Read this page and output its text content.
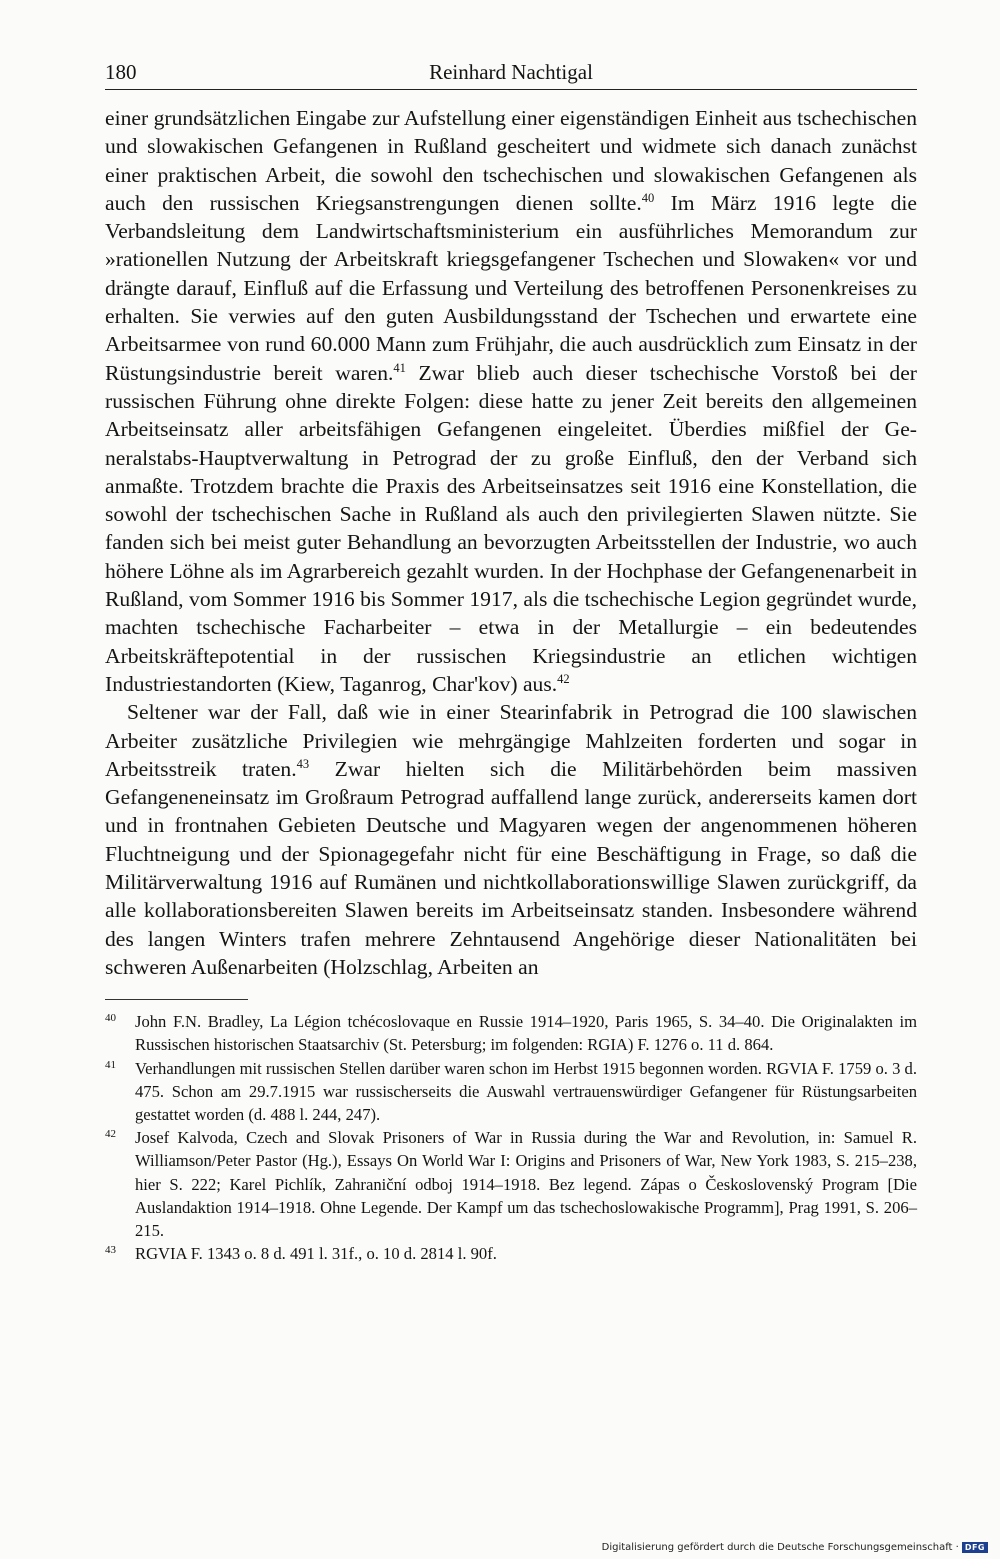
180	Reinhard Nachtigal

einer grundsätzlichen Eingabe zur Aufstellung einer eigenständigen Einheit aus tschechischen und slowakischen Gefangenen in Rußland gescheitert und widmete sich danach zunächst einer praktischen Arbeit, die sowohl den tschechischen und slowakischen Gefangenen als auch den russischen Kriegsanstrengungen dienen sollte.$^{40}$ Im März 1916 legte die Verbandsleitung dem Landwirtschaftsministerium ein ausführliches Memorandum zur »rationellen Nutzung der Arbeitskraft kriegsgefangener Tschechen und Slowaken« vor und drängte darauf, Einfluß auf die Erfassung und Verteilung des betroffenen Personenkreises zu erhalten. Sie verwies auf den guten Ausbildungsstand der Tschechen und erwartete eine Arbeitsarmee von rund 60.000 Mann zum Frühjahr, die auch ausdrücklich zum Einsatz in der Rüstungsindustrie bereit waren.$^{41}$ Zwar blieb auch dieser tschechische Vorstoß bei der russischen Führung ohne direkte Folgen: diese hatte zu jener Zeit bereits den allgemeinen Arbeitseinsatz aller arbeitsfähigen Gefangenen eingeleitet. Überdies mißfiel der Generalstabs-Hauptverwaltung in Petrograd der zu große Einfluß, den der Verband sich anmaßte. Trotzdem brachte die Praxis des Arbeitseinsatzes seit 1916 eine Konstellation, die sowohl der tschechischen Sache in Rußland als auch den privilegierten Slawen nützte. Sie fanden sich bei meist guter Behandlung an bevorzugten Arbeitsstellen der Industrie, wo auch höhere Löhne als im Agrarbereich gezahlt wurden. In der Hochphase der Gefangenenarbeit in Rußland, vom Sommer 1916 bis Sommer 1917, als die tschechische Legion gegründet wurde, machten tschechische Facharbeiter – etwa in der Metallurgie – ein bedeutendes Arbeitskräftepotential in der russischen Kriegsindustrie an etlichen wichtigen Industriestandorten (Kiew, Taganrog, Char'kov) aus.$^{42}$

Seltener war der Fall, daß wie in einer Stearinfabrik in Petrograd die 100 slawischen Arbeiter zusätzliche Privilegien wie mehrgängige Mahlzeiten forderten und sogar in Arbeitsstreik traten.$^{43}$ Zwar hielten sich die Militärbehörden beim massiven Gefangeneneinsatz im Großraum Petrograd auffallend lange zurück, andererseits kamen dort und in frontnahen Gebieten Deutsche und Magyaren wegen der angenommenen höheren Fluchtneigung und der Spionagegefahr nicht für eine Beschäftigung in Frage, so daß die Militärverwaltung 1916 auf Rumänen und nichtkollaborationswillige Slawen zurückgriff, da alle kollaborationsbereiten Slawen bereits im Arbeitseinsatz standen. Insbesondere während des langen Winters trafen mehrere Zehntausend Angehörige dieser Nationalitäten bei schweren Außenarbeiten (Holzschlag, Arbeiten an

40 John F.N. Bradley, La Légion tchécoslovaque en Russie 1914–1920, Paris 1965, S. 34–40. Die Originalakten im Russischen historischen Staatsarchiv (St. Petersburg; im folgenden: RGIA) F. 1276 o. 11 d. 864.

41 Verhandlungen mit russischen Stellen darüber waren schon im Herbst 1915 begonnen worden. RGVIA F. 1759 o. 3 d. 475. Schon am 29.7.1915 war russischerseits die Auswahl vertrauenswürdiger Gefangener für Rüstungsarbeiten gestattet worden (d. 488 l. 244, 247).

42 Josef Kalvoda, Czech and Slovak Prisoners of War in Russia during the War and Revolution, in: Samuel R. Williamson/Peter Pastor (Hg.), Essays On World War I: Origins and Prisoners of War, New York 1983, S. 215–238, hier S. 222; Karel Pichlík, Zahraniční odboj 1914–1918. Bez legend. Zápas o Československý Program [Die Auslandaktion 1914–1918. Ohne Legende. Der Kampf um das tschechoslowakische Programm], Prag 1991, S. 206–215.

43 RGVIA F. 1343 o. 8 d. 491 l. 31f., o. 10 d. 2814 l. 90f.

Digitalisierung gefördert durch die Deutsche Forschungsgemeinschaft · DFG
